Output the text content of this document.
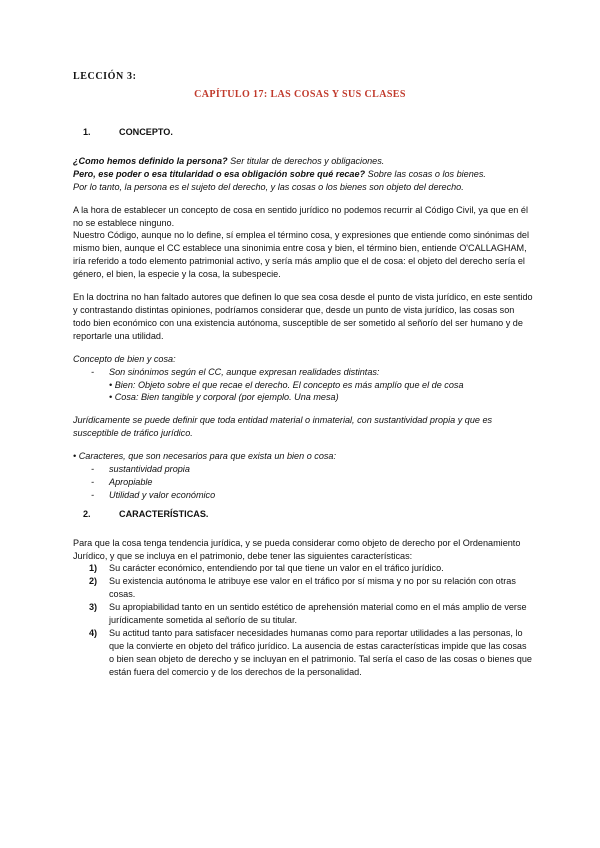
LECCIÓN 3:
CAPÍTULO 17: LAS COSAS Y SUS CLASES
1.	CONCEPTO.

¿Como hemos definido la persona? Ser titular de derechos y obligaciones.

Pero, ese poder o esa titularidad o esa obligación sobre qué recae? Sobre las cosas o los bienes.

Por lo tanto, la persona es el sujeto del derecho, y las cosas o los bienes son objeto del derecho.

A la hora de establecer un concepto de cosa en sentido jurídico no podemos recurrir al Código Civil, ya que en él no se establece ninguno.

Nuestro Código, aunque no lo define, sí emplea el término cosa, y expresiones que entiende como sinónimas del mismo bien, aunque el CC establece una sinonimia entre cosa y bien, el término bien, entiende O'CALLAGHAM, iría referido a todo elemento patrimonial activo, y sería más amplio que el de cosa: el objeto del derecho sería el género, el bien, la especie y la cosa, la subespecie.

En la doctrina no han faltado autores que definen lo que sea cosa desde el punto de vista jurídico, en este sentido y contrastando distintas opiniones, podríamos considerar que, desde un punto de vista jurídico, las cosas son todo bien económico con una existencia autónoma, susceptible de ser sometido al señorío del ser humano y de reportarle una utilidad.

Concepto de bien y cosa:

- Son sinónimos según el CC, aunque expresan realidades distintas:
• Bien: Objeto sobre el que recae el derecho. El concepto es más amplío que el de cosa
• Cosa: Bien tangible y corporal (por ejemplo. Una mesa)

Jurídicamente se puede definir que toda entidad material o inmaterial, con sustantividad propia y que es susceptible de tráfico jurídico.

• Caracteres, que son necesarios para que exista un bien o cosa:

- sustantividad propia
- Apropiable
- Utilidad y valor económico
2.	CARACTERÍSTICAS.

Para que la cosa tenga tendencia jurídica, y se pueda considerar como objeto de derecho por el Ordenamiento Jurídico, y que se incluya en el patrimonio, debe tener las siguientes características:

1) Su carácter económico, entendiendo por tal que tiene un valor en el tráfico jurídico.
2) Su existencia autónoma le atribuye ese valor en el tráfico por sí misma y no por su relación con otras cosas.
3) Su apropiabilidad tanto en un sentido estético de aprehensión material como en el más amplio de verse jurídicamente sometida al señorío de su titular.
4) Su actitud tanto para satisfacer necesidades humanas como para reportar utilidades a las personas, lo que la convierte en objeto del tráfico jurídico. La ausencia de estas características impide que las cosas o bien sean objeto de derecho y se incluyan en el patrimonio. Tal sería el caso de las cosas o bienes que están fuera del comercio y de los derechos de la personalidad.
